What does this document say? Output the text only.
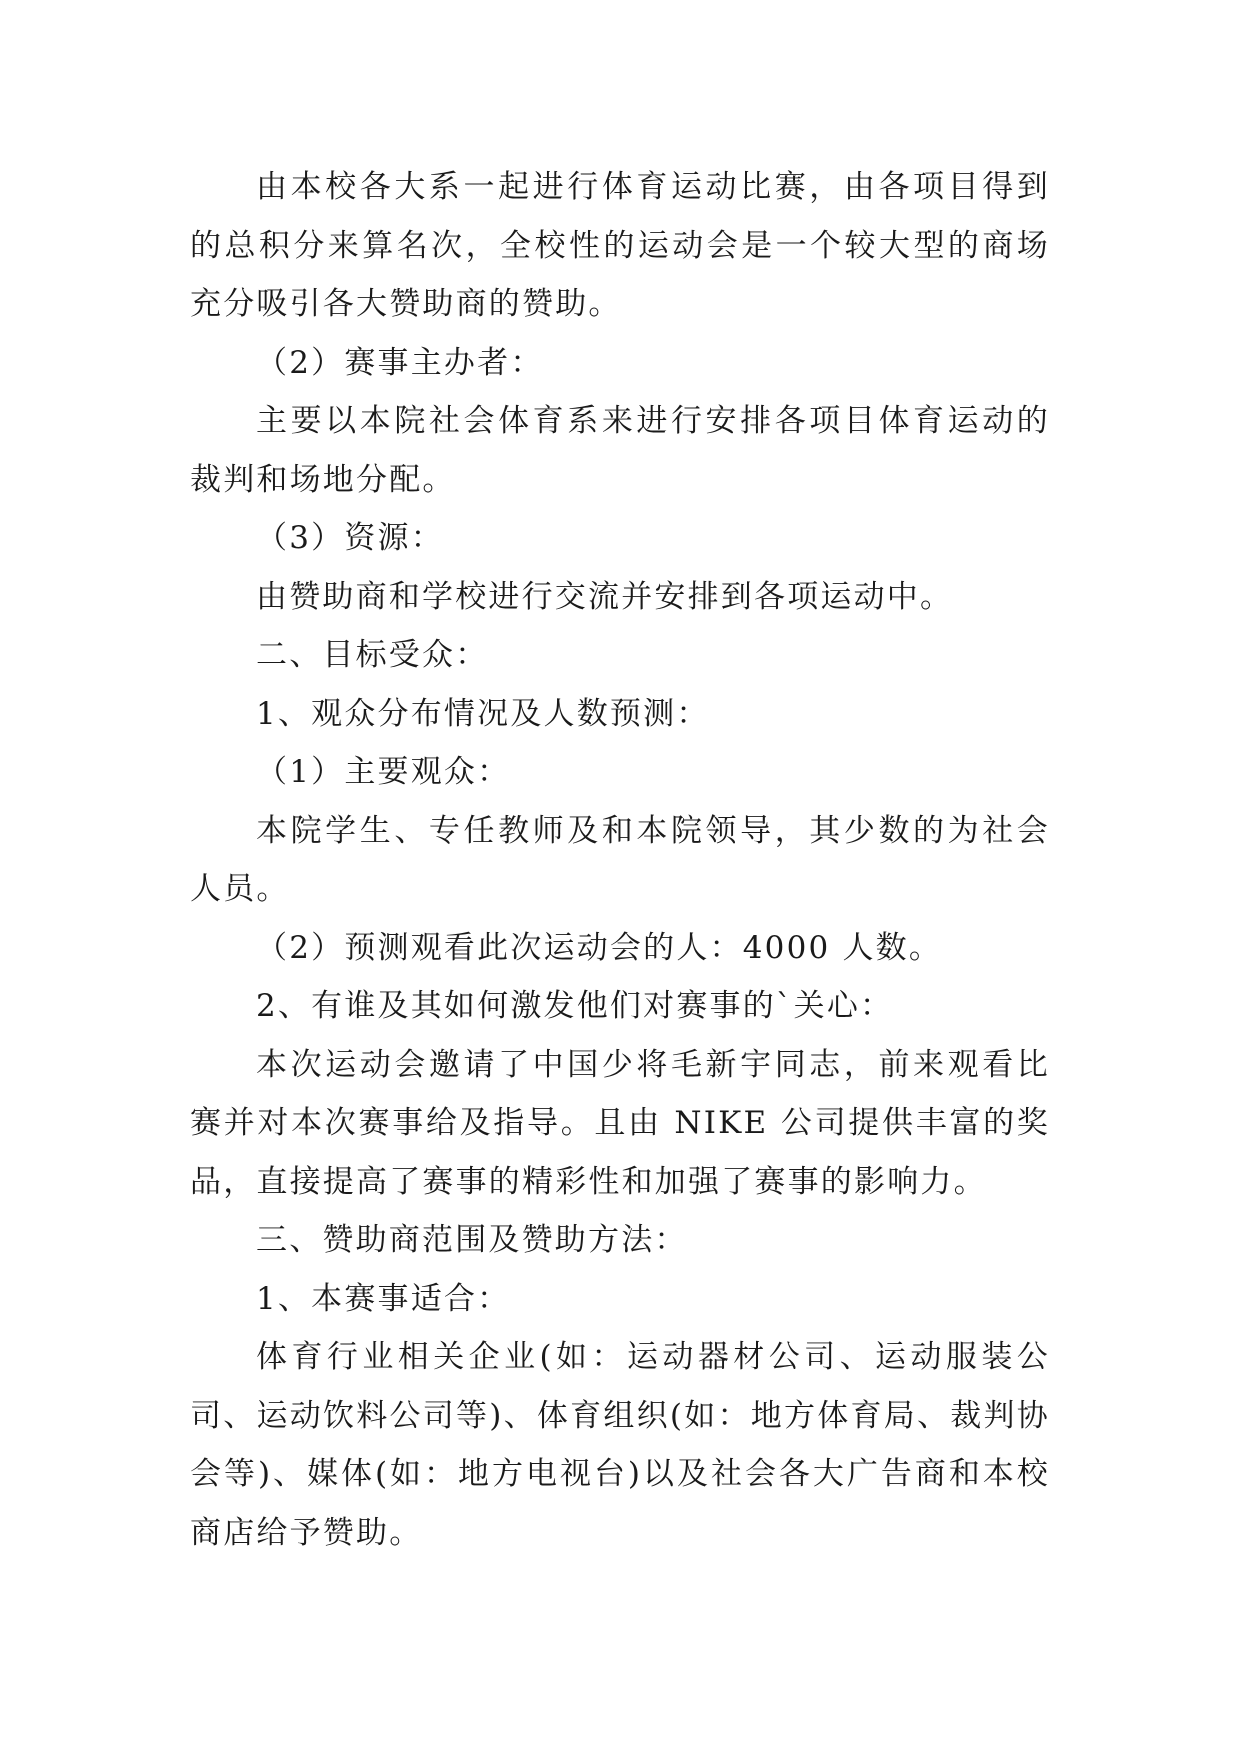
由本校各大系一起进行体育运动比赛，由各项目得到的总积分来算名次，全校性的运动会是一个较大型的商场充分吸引各大赞助商的赞助。

（2）赛事主办者：

主要以本院社会体育系来进行安排各项目体育运动的裁判和场地分配。

（3）资源：

由赞助商和学校进行交流并安排到各项运动中。

二、目标受众：

1、观众分布情况及人数预测：

（1）主要观众：

本院学生、专任教师及和本院领导，其少数的为社会人员。

（2）预测观看此次运动会的人：4000 人数。

2、有谁及其如何激发他们对赛事的`关心：

本次运动会邀请了中国少将毛新宇同志，前来观看比赛并对本次赛事给及指导。且由 NIKE 公司提供丰富的奖品，直接提高了赛事的精彩性和加强了赛事的影响力。

三、赞助商范围及赞助方法：

1、本赛事适合：

体育行业相关企业(如：运动器材公司、运动服装公司、运动饮料公司等)、体育组织(如：地方体育局、裁判协会等)、媒体(如：地方电视台)以及社会各大广告商和本校商店给予赞助。
